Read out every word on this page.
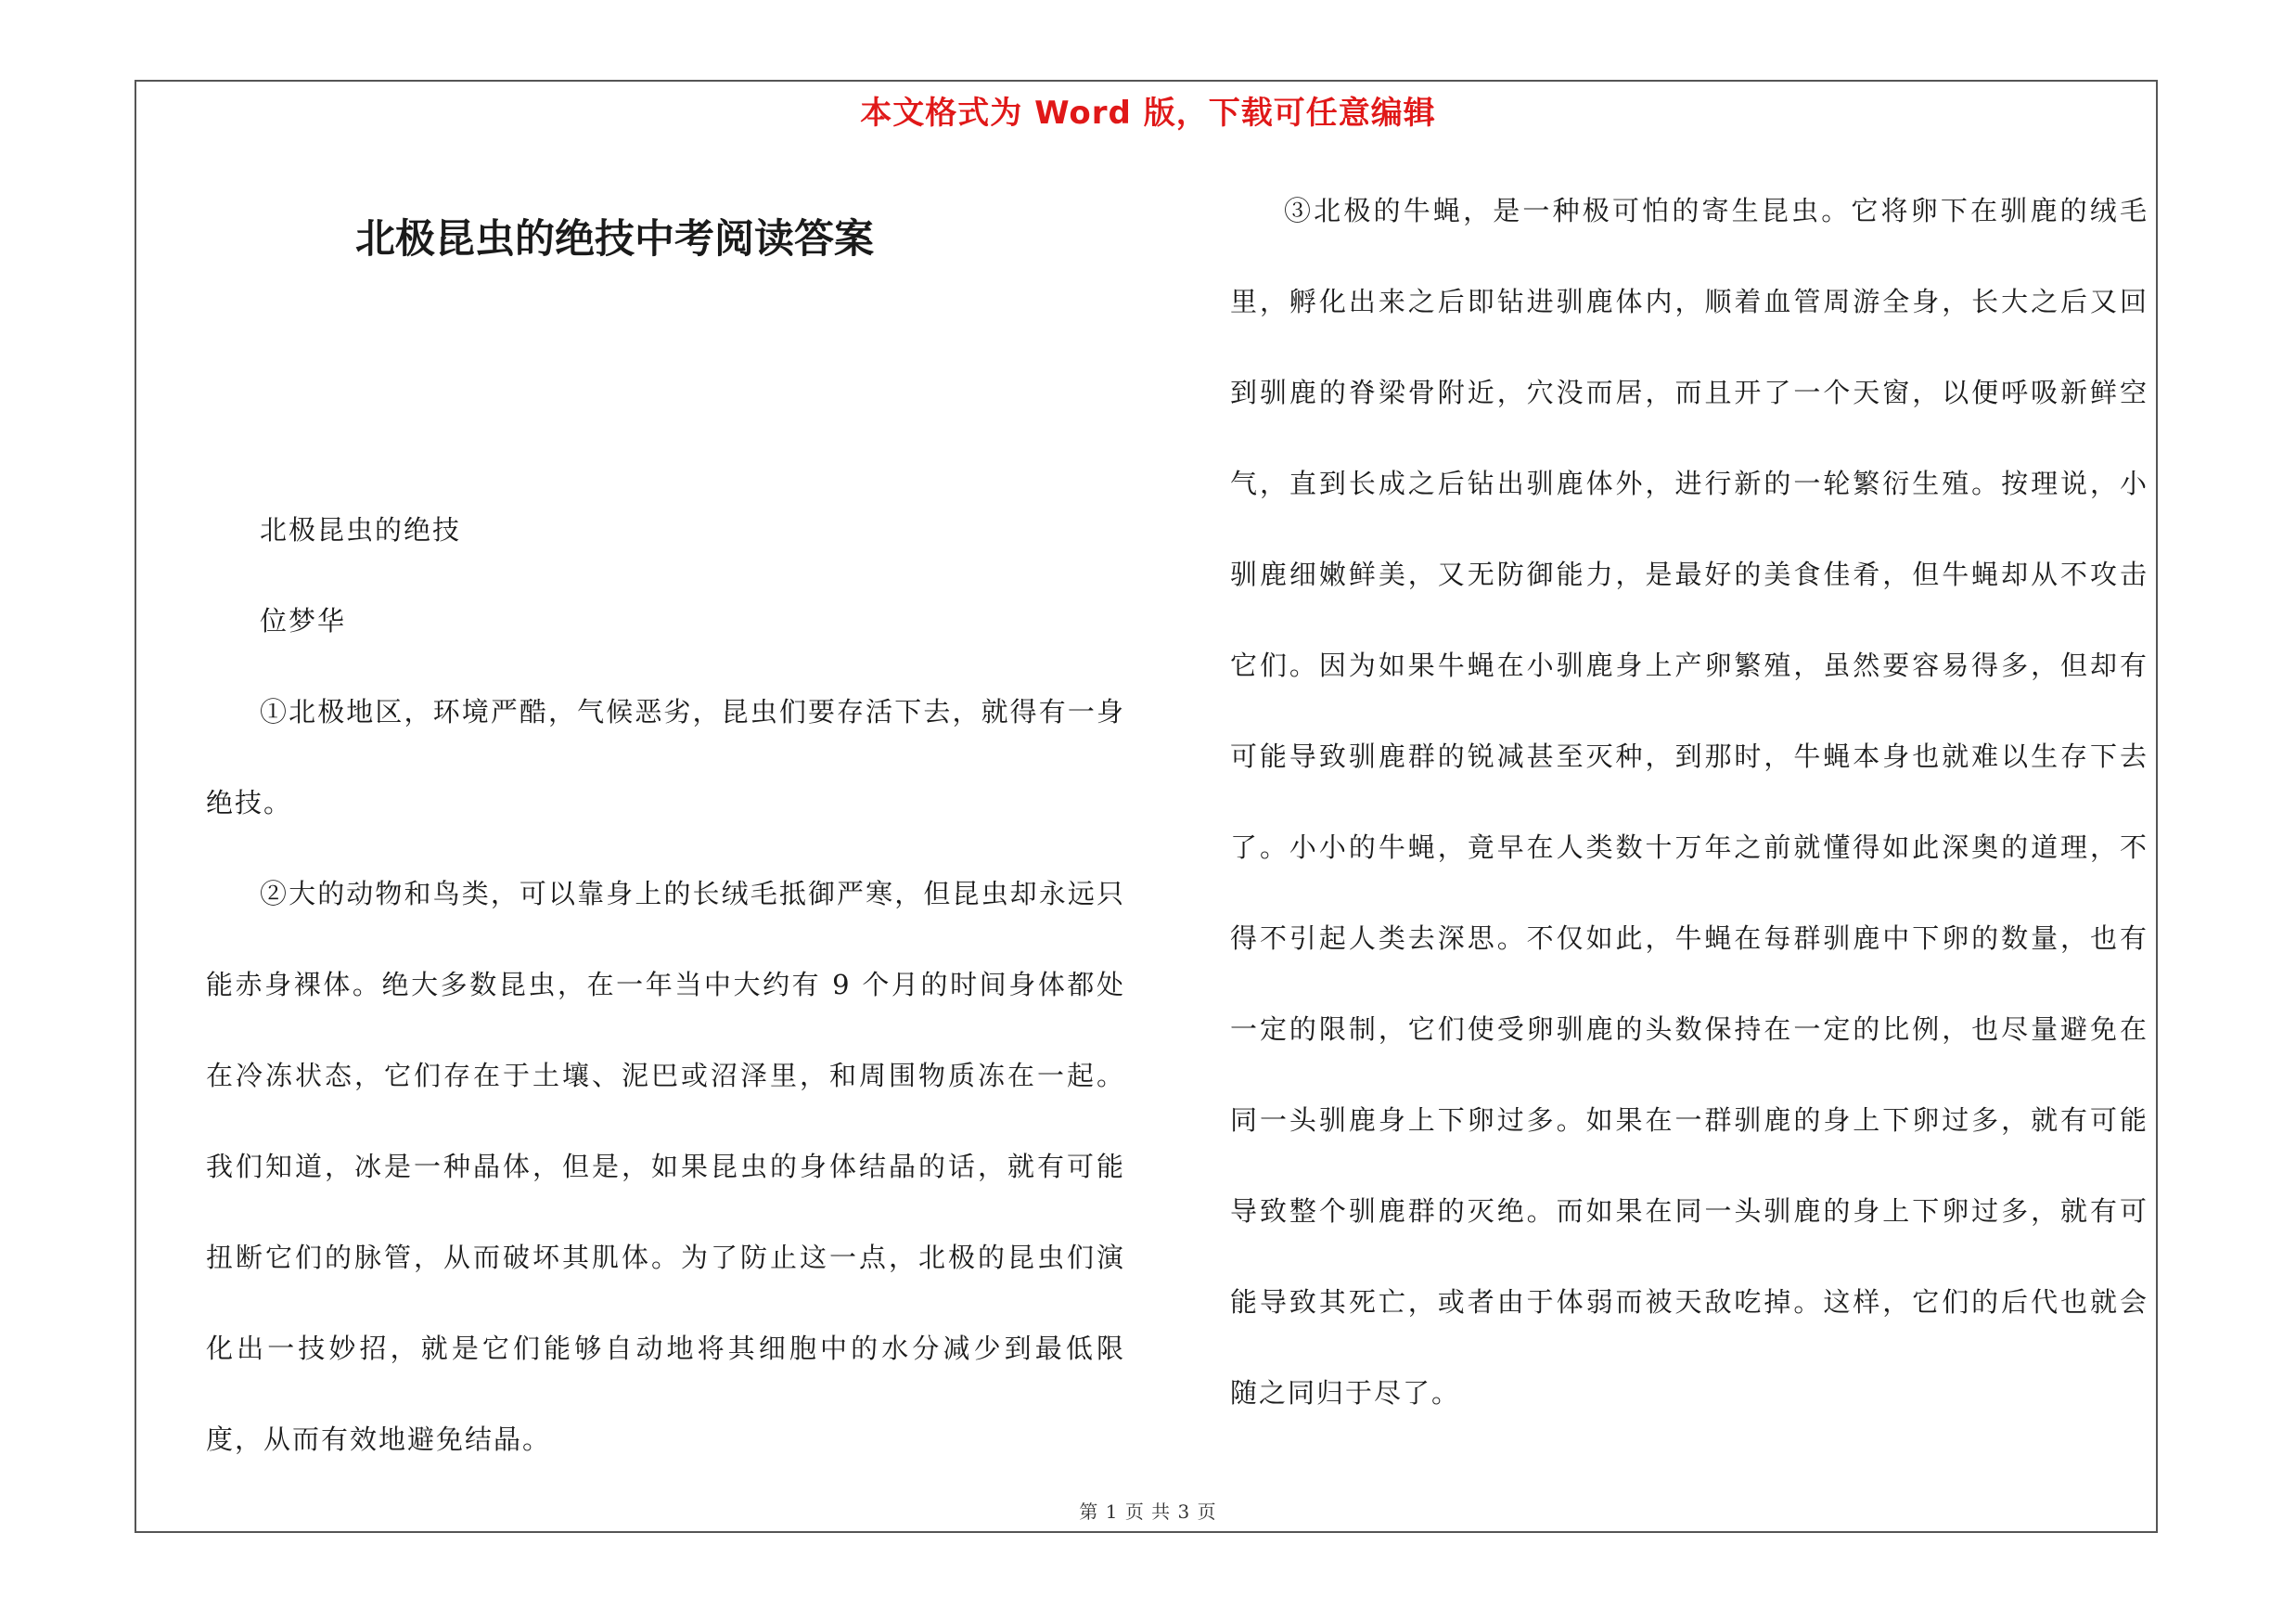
本文格式为 Word 版，下载可任意编辑
北极昆虫的绝技中考阅读答案

北极昆虫的绝技

位梦华

①北极地区，环境严酷，气候恶劣，昆虫们要存活下去，就得有一身绝技。

②大的动物和鸟类，可以靠身上的长绒毛抵御严寒，但昆虫却永远只能赤身裸体。绝大多数昆虫，在一年当中大约有 9 个月的时间身体都处在冷冻状态，它们存在于土壤、泥巴或沼泽里，和周围物质冻在一起。我们知道，冰是一种晶体，但是，如果昆虫的身体结晶的话，就有可能扭断它们的脉管，从而破坏其肌体。为了防止这一点，北极的昆虫们演化出一技妙招，就是它们能够自动地将其细胞中的水分减少到最低限度，从而有效地避免结晶。

③北极的牛蝇，是一种极可怕的寄生昆虫。它将卵下在驯鹿的绒毛里，孵化出来之后即钻进驯鹿体内，顺着血管周游全身，长大之后又回到驯鹿的脊梁骨附近，穴没而居，而且开了一个天窗，以便呼吸新鲜空气，直到长成之后钻出驯鹿体外，进行新的一轮繁衍生殖。按理说，小驯鹿细嫩鲜美，又无防御能力，是最好的美食佳肴，但牛蝇却从不攻击它们。因为如果牛蝇在小驯鹿身上产卵繁殖，虽然要容易得多，但却有可能导致驯鹿群的锐减甚至灭种，到那时，牛蝇本身也就难以生存下去了。小小的牛蝇，竟早在人类数十万年之前就懂得如此深奥的道理，不得不引起人类去深思。不仅如此，牛蝇在每群驯鹿中下卵的数量，也有一定的限制，它们使受卵驯鹿的头数保持在一定的比例，也尽量避免在同一头驯鹿身上下卵过多。如果在一群驯鹿的身上下卵过多，就有可能导致整个驯鹿群的灭绝。而如果在同一头驯鹿的身上下卵过多，就有可能导致其死亡，或者由于体弱而被天敌吃掉。这样，它们的后代也就会随之同归于尽了。

第 1 页 共 3 页
